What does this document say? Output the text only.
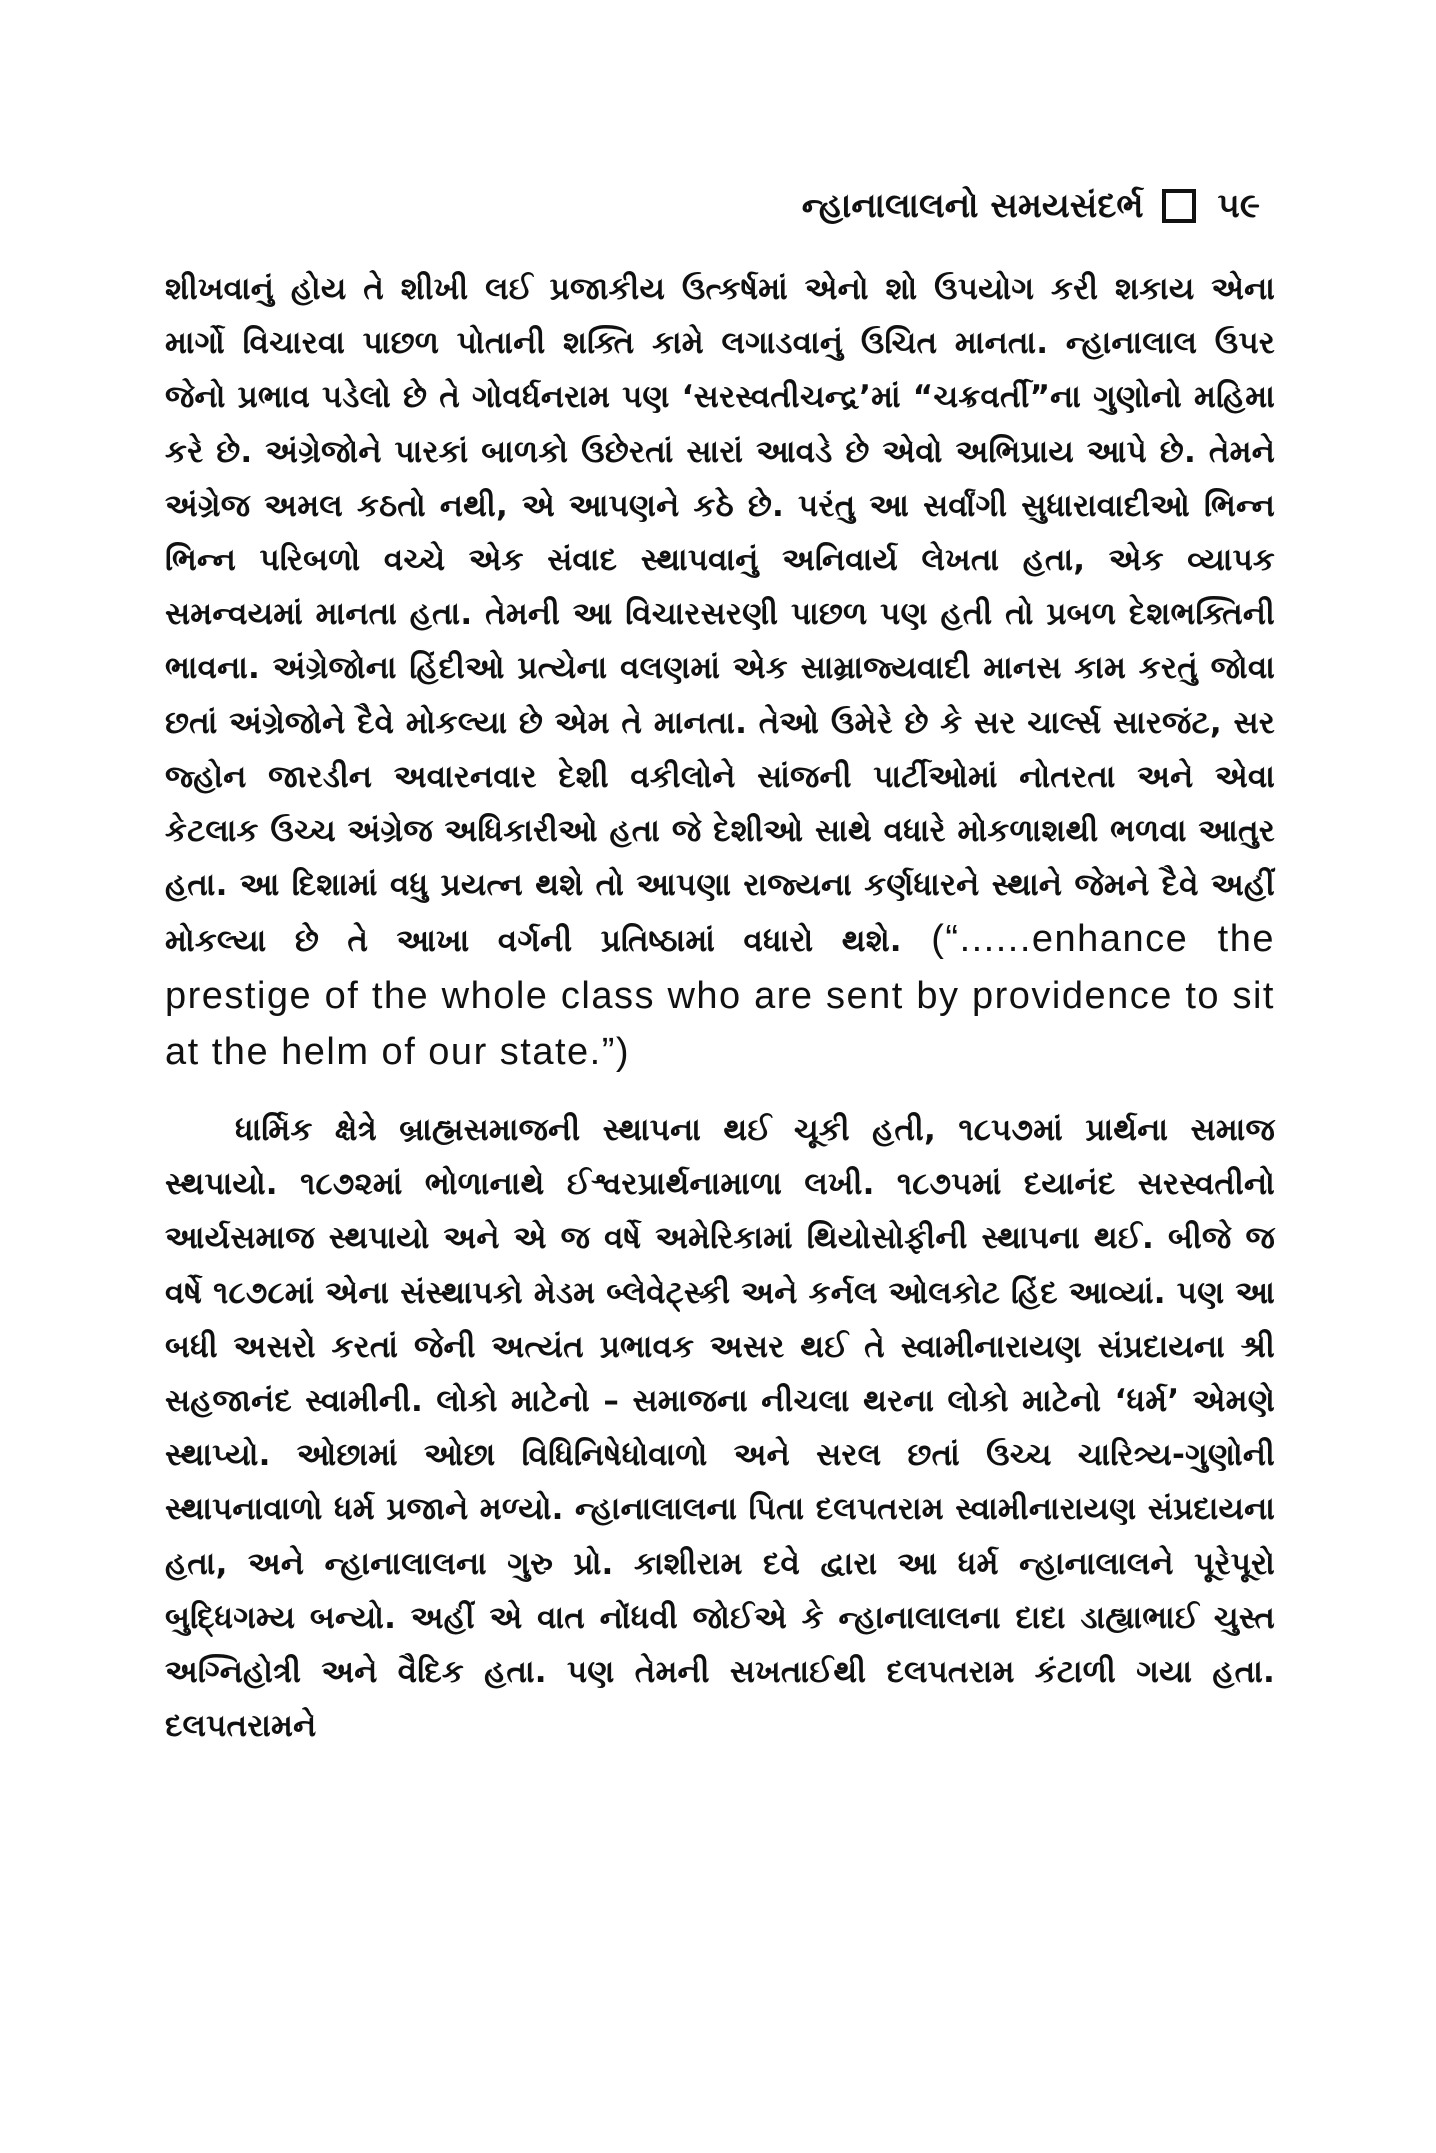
ન્હાનાલાલનો સમયસંદર્ભ ૫૯

શીખવાનું હોય તે શીખી લઈ પ્રજાકીય ઉત્કર્ષમાં એનો શો ઉપયોગ કરી શકાય એના માર્ગો વિચારવા પાછળ પોતાની શક્તિ કામે લગાડવાનું ઉચિત માનતા. ન્હાનાલાલ ઉપર જેનો પ્રભાવ પડેલો છે તે ગોવર્ધનરામ પણ ‘સરસ્વતીચન્દ્ર’માં “ચક્રવર્તી”ના ગુણોનો મહિમા કરે છે. અંગ્રેજોને પારકાં બાળકો ઉછેરતાં સારાં આવડે છે એવો અભિપ્રાય આપે છે. તેમને અંગ્રેજ અમલ કઠતો નથી, એ આપણને કઠે છે. પરંતુ આ સર્વાંગી સુધારાવાદીઓ ભિન્ન ભિન્ન પરિબળો વચ્ચે એક સંવાદ સ્થાપવાનું અનિવાર્ય લેખતા હતા, એક વ્યાપક સમન્વયમાં માનતા હતા. તેમની આ વિચારસરણી પાછળ પણ હતી તો પ્રબળ દેશભક્તિની ભાવના. અંગ્રેજોના હિંદીઓ પ્રત્યેના વલણમાં એક સામ્રાજ્યવાદી માનસ કામ કરતું જોવા છતાં અંગ્રેજોને દૈવે મોકલ્યા છે એમ તે માનતા. તેઓ ઉમેરે છે કે સર ચાર્લ્સ સારજંટ, સર જ્હોન જારડીન અવારનવાર દેશી વકીલોને સાંજની પાર્ટીઓમાં નોતરતા અને એવા કેટલાક ઉચ્ચ અંગ્રેજ અધિકારીઓ હતા જે દેશીઓ સાથે વધારે મોકળાશથી ભળવા આતુર હતા. આ દિશામાં વધુ પ્રયત્ન થશે તો આપણા રાજ્યના કર્ણધારને સ્થાને જેમને દૈવે અહીં મોકલ્યા છે તે આખા વર્ગની પ્રતિષ્ઠામાં વધારો થશે. (“......enhance the prestige of the whole class who are sent by providence to sit at the helm of our state.”)

ધાર્મિક ક્ષેત્રે બ્રાહ્મસમાજની સ્થાપના થઈ ચૂકી હતી, ૧૮૫૭માં પ્રાર્થના સમાજ સ્થપાયો. ૧૮૭૨માં ભોળાનાથે ઈશ્વરપ્રાર્થનામાળા લખી. ૧૮૭૫માં દયાનંદ સરસ્વતીનો આર્યસમાજ સ્થપાયો અને એ જ વર્ષે અમેરિકામાં થિયોસોફીની સ્થાપના થઈ. બીજે જ વર્ષે ૧૮૭૮માં એના સંસ્થાપકો મેડમ બ્લેવેટ્સ્કી અને કર્નલ ઓલકોટ હિંદ આવ્યાં. પણ આ બધી અસરો કરતાં જેની અત્યંત પ્રભાવક અસર થઈ તે સ્વામીનારાયણ સંપ્રદાયના શ્રી સહજાનંદ સ્વામીની. લોકો માટેનો – સમાજના નીચલા થરના લોકો માટેનો ‘ધર્મ’ એમણે સ્થાપ્યો. ઓછામાં ઓછા વિધિનિષેધોવાળો અને સરલ છતાં ઉચ્ચ ચારિત્ર્ય-ગુણોની સ્થાપનાવાળો ધર્મ પ્રજાને મળ્યો. ન્હાનાલાલના પિતા દલપતરામ સ્વામીનારાયણ સંપ્રદાયના હતા, અને ન્હાનાલાલના ગુરુ પ્રો. કાશીરામ દવે દ્વારા આ ધર્મ ન્હાનાલાલને પૂરેપૂરો બુદ્ધિગમ્ય બન્યો. અહીં એ વાત નોંધવી જોઈએ કે ન્હાનાલાલના દાદા ડાહ્યાભાઈ ચુસ્ત અગ્નિહોત્રી અને વૈદિક હતા. પણ તેમની સખતાઈથી દલપતરામ કંટાળી ગયા હતા. દલપતરામને
